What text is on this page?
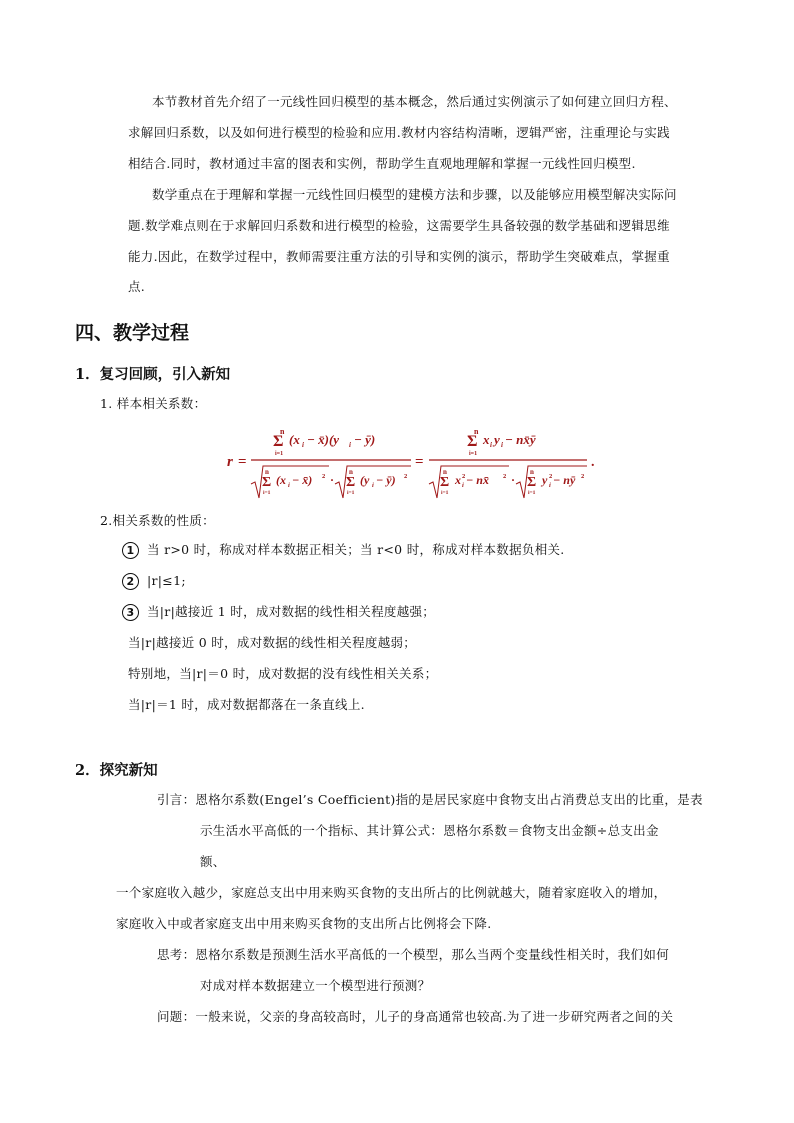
本节教材首先介绍了一元线性回归模型的基本概念，然后通过实例演示了如何建立回归方程、
求解回归系数，以及如何进行模型的检验和应用.教材内容结构清晰，逻辑严密，注重理论与实践
相结合.同时，教材通过丰富的图表和实例，帮助学生直观地理解和掌握一元线性回归模型.
数学重点在于理解和掌握一元线性回归模型的建模方法和步骤，以及能够应用模型解决实际问
题.数学难点则在于求解回归系数和进行模型的检验，这需要学生具备较强的数学基础和逻辑思维
能力.因此，在数学过程中，教师需要注重方法的引导和实例的演示，帮助学生突破难点，掌握重
点.
四、教学过程
1．复习回顾，引入新知
1. 样本相关系数：
r =
n
Σ
i=1
(x i − x̄)(y i − ȳ)
n
Σ
i=1
(x i − x̄) 2 ·
n
Σ
i=1
(y i − ȳ) 2
=
n
Σ
i=1
x i y i − nx̄ȳ
n
Σ
i=1
x 2
i − nx̄ 2 ·
n
Σ
i=1
y 2
i − nȳ 2
.
2.相关系数的性质：
1 当 r>0 时，称成对样本数据正相关；当 r<0 时，称成对样本数据负相关.
2 |r|≤1;
3 当|r|越接近 1 时，成对数据的线性相关程度越强；
当|r|越接近 0 时，成对数据的线性相关程度越弱；
特别地，当|r|＝0 时，成对数据的没有线性相关关系；
当|r|＝1 时，成对数据都落在一条直线上.
2．探究新知
引言：恩格尔系数(Engel’s Coefficient)指的是居民家庭中食物支出占消费总支出的比重，是表
示生活水平高低的一个指标、其计算公式：恩格尔系数＝食物支出金额÷总支出金
额、
一个家庭收入越少，家庭总支出中用来购买食物的支出所占的比例就越大，随着家庭收入的增加，
家庭收入中或者家庭支出中用来购买食物的支出所占比例将会下降.
思考：恩格尔系数是预测生活水平高低的一个模型，那么当两个变量线性相关时，我们如何
对成对样本数据建立一个模型进行预测？
问题：一般来说，父亲的身高较高时，儿子的身高通常也较高.为了进一步研究两者之间的关
